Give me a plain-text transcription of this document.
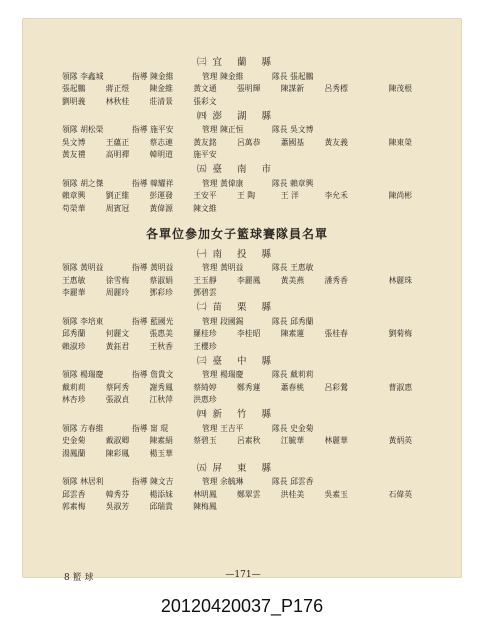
㈢宜 蘭 縣
領隊 李鑫城	指導 陳金維	管理 陳金維	隊長 張起鵬
張起鵬	蔣正煜	陳金維	黃文通	張明輝	陳謀新	呂秀標	陳茂根
劉明義	林秋桂	莊清景	張彩文
㈣澎 湖 縣
領隊 胡松榮	指導 施平安	管理 陳正恒	隊長 吳文博
吳文博	王蘊正	蔡志連	黃友銘	呂萬恭	蕭國基	黃友義	陳東榮
黃友禮	高明禪	韓明道	施平安
㈤臺 南 市
領隊 胡之傑	指導 韓耀祥	管理 黃偉康	隊長 賴章興
賴章興	劉正維	彭運發	王安平	王 陶	王 洋	李允禾	陳尚彬
苟榮華	周賓冠	黃偉源	陳文維
各單位參加女子籃球賽隊員名單
㈠南 投 縣
領隊 黃明益	指導 黃明益	管理 黃明益	隊長 王惠敏
王惠敏	徐雪梅	蔡淑娟	王玉靜	李麗鳳	黃美燕	潘秀香	林麗珠
李麗華	周麗玲	鄧彩珍	鄧碧雲
㈡苗 栗 縣
領隊 李培東	指導 藍國光	管理 段國錫	隊長 邱秀蘭
邱秀蘭	何麗文	張惠美	羅桂珍	李桂昭	陳素蓮	張桂春	劉菊梅
賴淑珍	黃鈺君	王秋香	王櫻珍
㈢臺 中 縣
領隊 楊瑞慶	指導 詹貴文	管理 楊瑞慶	隊長 戴莉莉
戴莉莉	蔡阿秀	謝秀鳳	蔡綺婷	鄭秀蓮	蕭春桃	呂彩鶯	曹淑惠
林杏珍	張淑貞	江秋萍	洪惠珍
㈣新 竹 縣
領隊 方春維	指導 甯 琨	管理 王吉平	隊長 史金菊
史金菊	戴淑卿	陳素絹	蔡碧玉	呂素秋	江毓華	林麗華	黃炳英
湯鳳蘭	陳彩鳳	楊玉華
㈤屏 東 縣
領隊 林居利	指導 陳文吉	管理 余毓琳	隊長 邱雲香
邱雲香	韓秀芬	楊添妹	林明鳳	鄭翠雲	洪桂美	吳素玉	石偉英
郭素梅	吳淑芳	邱瑞貴	陳梅鳳
8 籃 球	—171—
20120420037_P176
